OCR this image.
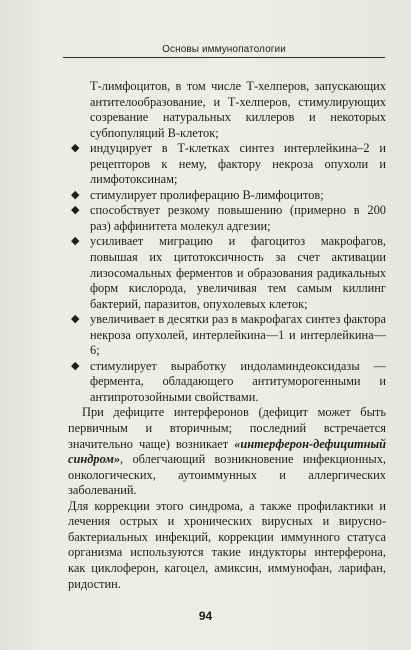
Основы иммунопатологии

Т-лимфоцитов, в том числе Т-хелперов, запускающих антителообразование, и Т-хелперов, стимулирующих созревание натуральных киллеров и некоторых субпопуляций В-клеток;

◆ индуцирует в Т-клетках синтез интерлейкина–2 и рецепторов к нему, фактору некроза опухоли и лимфотоксинам;
◆ стимулирует пролиферацию В-лимфоцитов;
◆ способствует резкому повышению (примерно в 200 раз) аффинитета молекул адгезии;
◆ усиливает миграцию и фагоцитоз макрофагов, повышая их цитотоксичность за счет активации лизосомальных ферментов и образования радикальных форм кислорода, увеличивая тем самым киллинг бактерий, паразитов, опухолевых клеток;
◆ увеличивает в десятки раз в макрофагах синтез фактора некроза опухолей, интерлейкина—1 и интерлейкина—6;
◆ стимулирует выработку индоламиндеоксидазы — фермента, обладающего антитуморогенными и антипротозойными свойствами.

При дефиците интерферонов (дефицит может быть первичным и вторичным; последний встречается значительно чаще) возникает «интерферон-дефицитный синдром», облегчающий возникновение инфекционных, онкологических, аутоиммунных и аллергических заболеваний.

Для коррекции этого синдрома, а также профилактики и лечения острых и хронических вирусных и вирусно-бактериальных инфекций, коррекции иммунного статуса организма используются такие индукторы интерферона, как циклоферон, кагоцел, амиксин, иммунофан, ларифан, ридостин.

94
